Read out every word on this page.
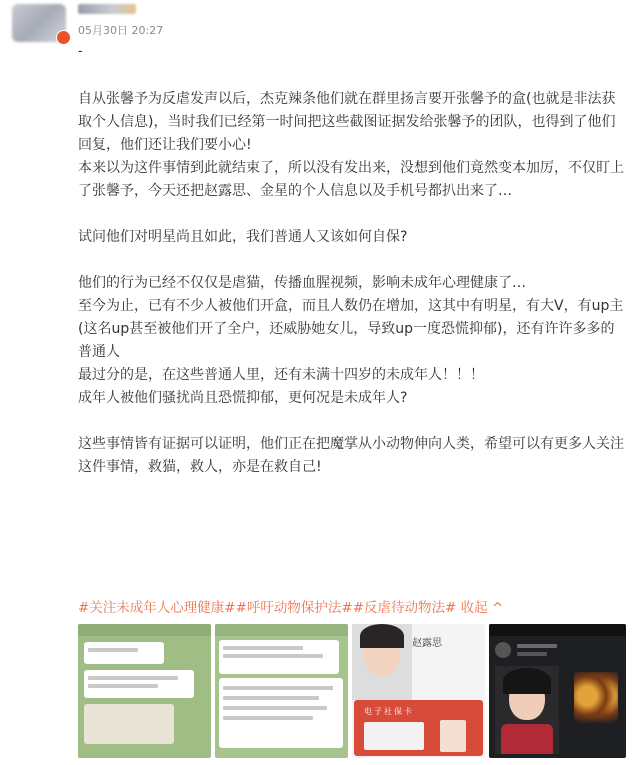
05月30日 20:27
-

自从张馨予为反虐发声以后，杰克辣条他们就在群里扬言要开张馨予的盒(也就是非法获取个人信息)，当时我们已经第一时间把这些截图证据发给张馨予的团队，也得到了他们回复，他们还让我们要小心!

本来以为这件事情到此就结束了，所以没有发出来，没想到他们竟然变本加厉，不仅盯上了张馨予，今天还把赵露思、金星的个人信息以及手机号都扒出来了…

试问他们对明星尚且如此，我们普通人又该如何自保?

他们的行为已经不仅仅是虐猫，传播血腥视频，影响未成年心理健康了…

至今为止，已有不少人被他们开盒，而且人数仍在增加，这其中有明星，有大V，有up主(这名up甚至被他们开了全户，还威胁她女儿，导致up一度恐慌抑郁)，还有许许多多的普通人

最过分的是，在这些普通人里，还有未满十四岁的未成年人！！！

成年人被他们骚扰尚且恐慌抑郁，更何况是未成年人?

这些事情皆有证据可以证明，他们正在把魔掌从小动物伸向人类，希望可以有更多人关注这件事情，救猫，救人，亦是在救自己!

#关注未成年人心理健康##呼吁动物保护法##反虐待动物法# 收起 ^
赵露思
电子社保卡
